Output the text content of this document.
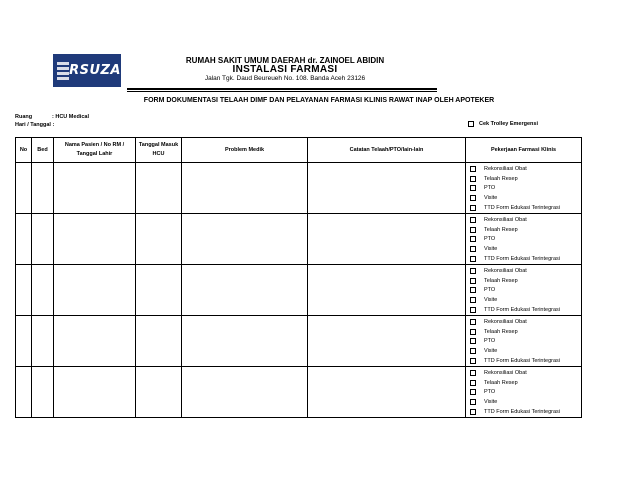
RSUZA
RUMAH SAKIT UMUM DAERAH dr. ZAINOEL ABIDIN
INSTALASI FARMASI
Jalan Tgk. Daud Beureueh No. 108. Banda Aceh 23126
FORM DOKUMENTASI TELAAH DIMF DAN PELAYANAN FARMASI KLINIS RAWAT INAP OLEH APOTEKER
Ruang	: HCU Medical
Hari / Tanggal :	Cek Trolley Emergensi
No	Bed	Nama Pasien / No RM / Tanggal Lahir	Tanggal Masuk HCU	Problem Medik	Catatan Telaah/PTO/lain-lain	Pekerjaan Farmasi Klinis

						Rekonsiliasi Obat
Telaah Resep
PTO
Visite
TTD Form Edukasi Terintegrasi

						Rekonsiliasi Obat
Telaah Resep
PTO
Visite
TTD Form Edukasi Terintegrasi

						Rekonsiliasi Obat
Telaah Resep
PTO
Visite
TTD Form Edukasi Terintegrasi

						Rekonsiliasi Obat
Telaah Resep
PTO
Visite
TTD Form Edukasi Terintegrasi

						Rekonsiliasi Obat
Telaah Resep
PTO
Visite
TTD Form Edukasi Terintegrasi
